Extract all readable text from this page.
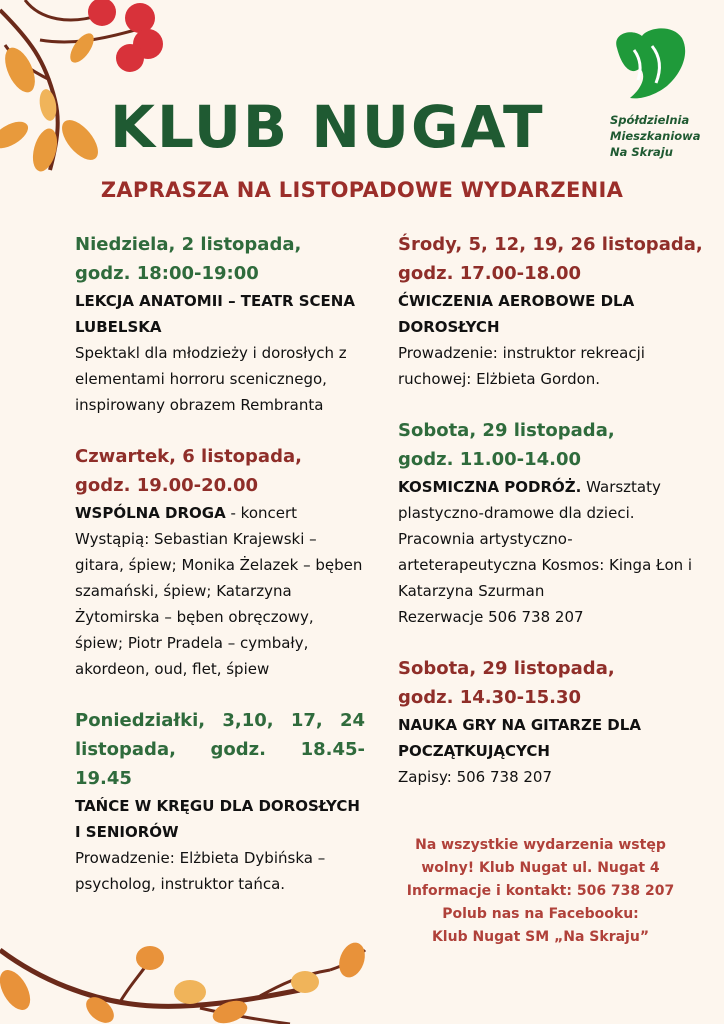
Spółdzielnia
Mieszkaniowa
Na Skraju
KLUB NUGAT
ZAPRASZA NA LISTOPADOWE WYDARZENIA
Niedziela, 2 listopada,
godz. 18:00-19:00
LEKCJA ANATOMII – TEATR SCENA LUBELSKA
Spektakl dla młodzieży i dorosłych z elementami horroru scenicznego, inspirowany obrazem Rembranta
Czwartek, 6 listopada,
godz. 19.00-20.00
WSPÓLNA DROGA - koncert
Wystąpią: Sebastian Krajewski – gitara, śpiew; Monika Żelazek – bęben szamański, śpiew; Katarzyna Żytomirska – bęben obręczowy, śpiew; Piotr Pradela – cymbały, akordeon, oud, flet, śpiew
Poniedziałki, 3,10, 17, 24
listopada, godz. 18.45-19.45
TAŃCE W KRĘGU DLA DOROSŁYCH I SENIORÓW
Prowadzenie: Elżbieta Dybińska – psycholog, instruktor tańca.
Środy, 5, 12, 19, 26 listopada,
godz. 17.00-18.00
ĆWICZENIA AEROBOWE DLA DOROSŁYCH
Prowadzenie: instruktor rekreacji ruchowej: Elżbieta Gordon.
Sobota, 29 listopada,
godz. 11.00-14.00
KOSMICZNA PODRÓŻ. Warsztaty plastyczno-dramowe dla dzieci. Pracownia artystyczno-arteterapeutyczna Kosmos: Kinga Łon i Katarzyna Szurman
Rezerwacje 506 738 207
Sobota, 29 listopada,
godz. 14.30-15.30
NAUKA GRY NA GITARZE DLA POCZĄTKUJĄCYCH
Zapisy: 506 738 207
Na wszystkie wydarzenia wstęp
wolny! Klub Nugat ul. Nugat 4
Informacje i kontakt: 506 738 207
Polub nas na Facebooku:
Klub Nugat SM „Na Skraju”
